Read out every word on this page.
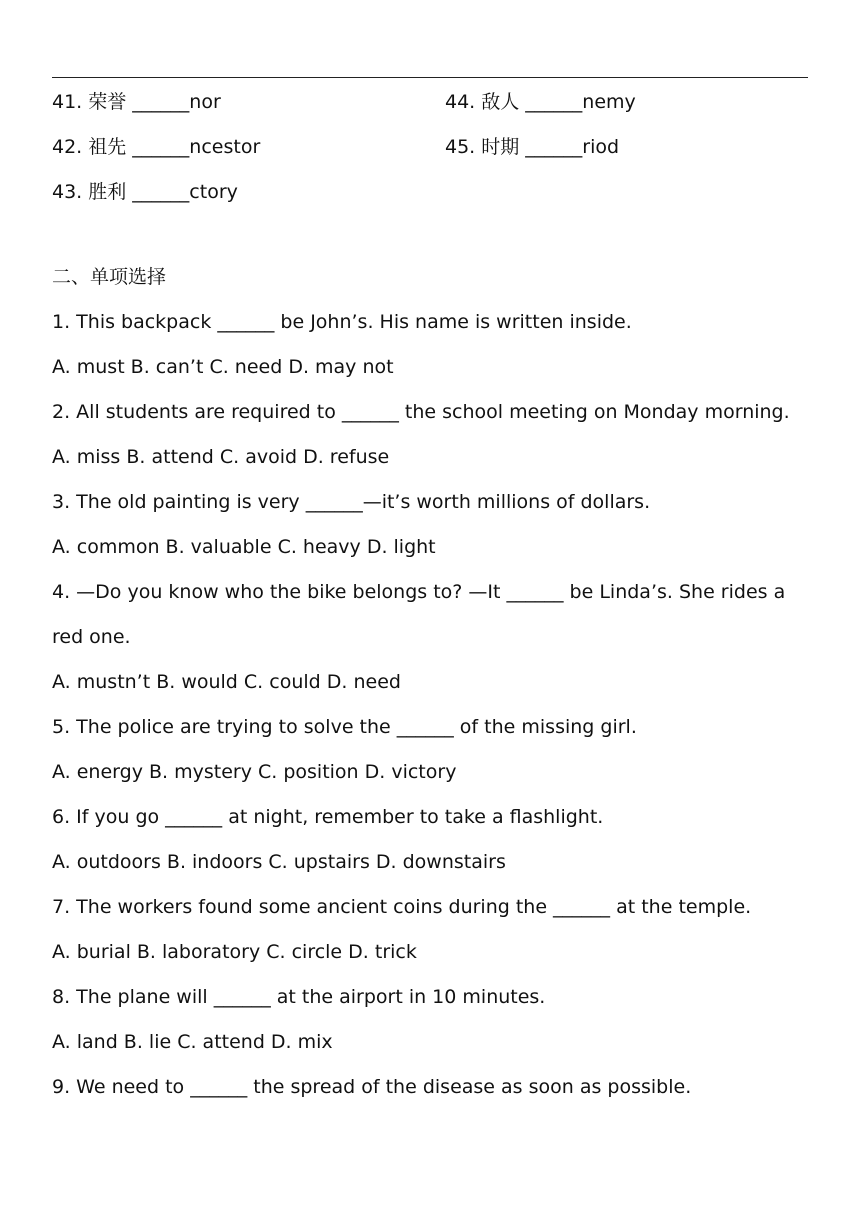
41. 荣誉 ______nor	44. 敌人 ______nemy
42. 祖先 ______ncestor	45. 时期 ______riod
43. 胜利 ______ctory
二、单项选择
1. This backpack ______ be John’s. His name is written inside.
A. must B. can’t C. need D. may not
2. All students are required to ______ the school meeting on Monday morning.
A. miss B. attend C. avoid D. refuse
3. The old painting is very ______—it’s worth millions of dollars.
A. common B. valuable C. heavy D. light
4. —Do you know who the bike belongs to? —It ______ be Linda’s. She rides a
red one.
A. mustn’t B. would C. could D. need
5. The police are trying to solve the ______ of the missing girl.
A. energy B. mystery C. position D. victory
6. If you go ______ at night, remember to take a flashlight.
A. outdoors B. indoors C. upstairs D. downstairs
7. The workers found some ancient coins during the ______ at the temple.
A. burial B. laboratory C. circle D. trick
8. The plane will ______ at the airport in 10 minutes.
A. land B. lie C. attend D. mix
9. We need to ______ the spread of the disease as soon as possible.
